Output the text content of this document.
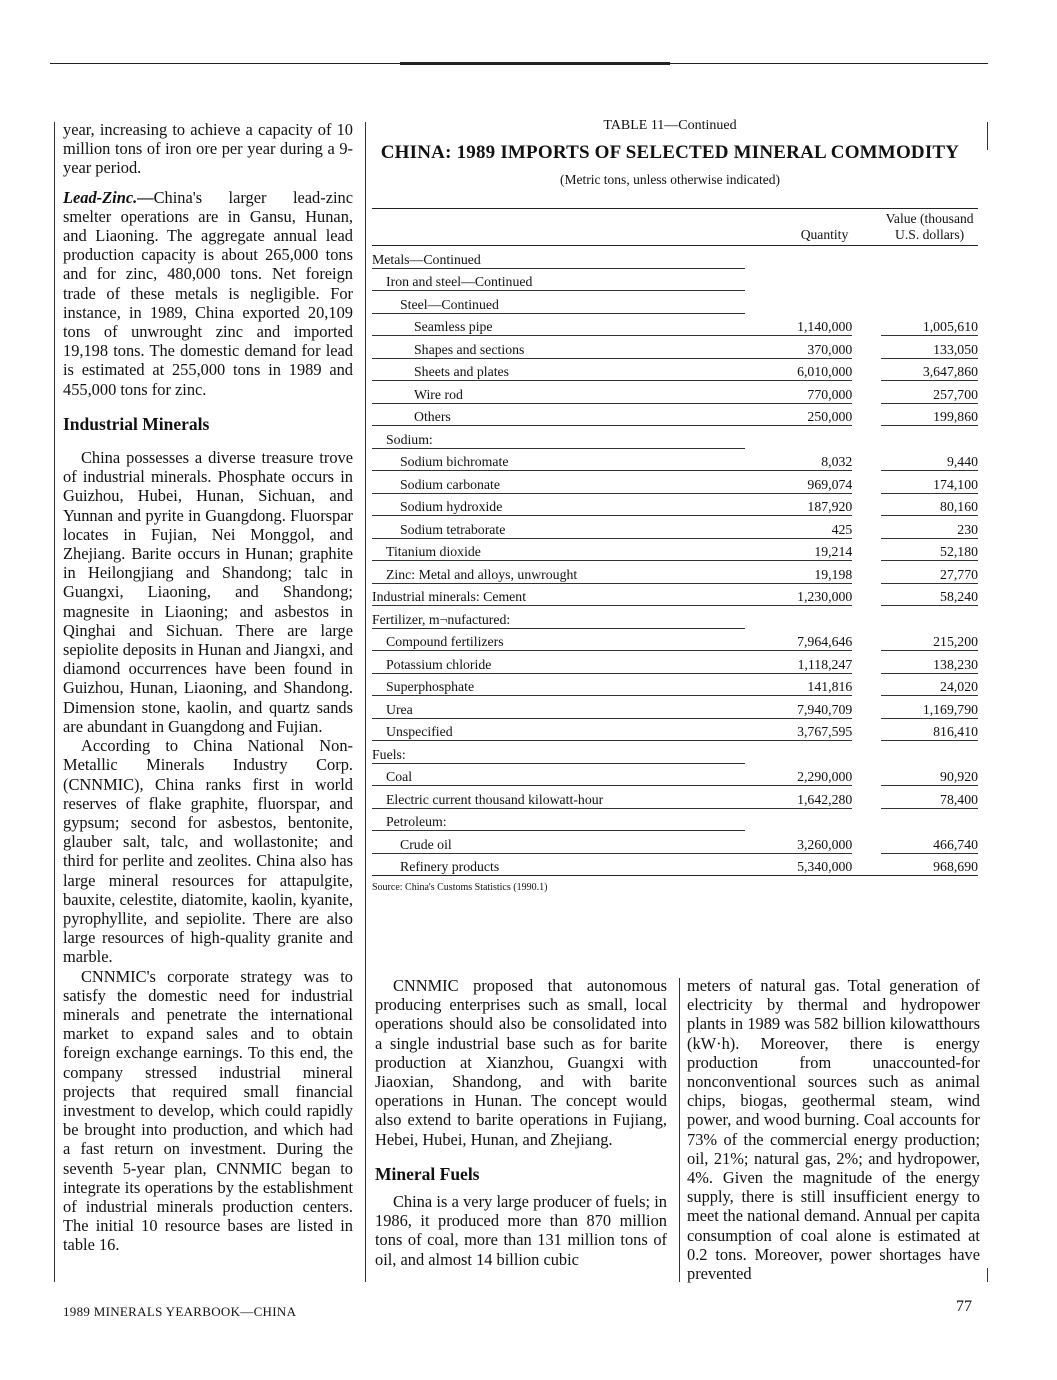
year, increasing to achieve a capacity of 10 million tons of iron ore per year during a 9-year period.

Lead-Zinc.—China's larger lead-zinc smelter operations are in Gansu, Hunan, and Liaoning. The aggregate annual lead production capacity is about 265,000 tons and for zinc, 480,000 tons. Net foreign trade of these metals is negligible. For instance, in 1989, China exported 20,109 tons of unwrought zinc and imported 19,198 tons. The domestic demand for lead is estimated at 255,000 tons in 1989 and 455,000 tons for zinc.

Industrial Minerals

China possesses a diverse treasure trove of industrial minerals. Phosphate occurs in Guizhou, Hubei, Hunan, Sichuan, and Yunnan and pyrite in Guangdong. Fluorspar locates in Fujian, Nei Monggol, and Zhejiang. Barite occurs in Hunan; graphite in Heilongjiang and Shandong; talc in Guangxi, Liaoning, and Shandong; magnesite in Liaoning; and asbestos in Qinghai and Sichuan. There are large sepiolite deposits in Hunan and Jiangxi, and diamond occurrences have been found in Guizhou, Hunan, Liaoning, and Shandong. Dimension stone, kaolin, and quartz sands are abundant in Guangdong and Fujian.

According to China National Non-Metallic Minerals Industry Corp. (CNNMIC), China ranks first in world reserves of flake graphite, fluorspar, and gypsum; second for asbestos, bentonite, glauber salt, talc, and wollastonite; and third for perlite and zeolites. China also has large mineral resources for attapulgite, bauxite, celestite, diatomite, kaolin, kyanite, pyrophyllite, and sepiolite. There are also large resources of high-quality granite and marble.

CNNMIC's corporate strategy was to satisfy the domestic need for industrial minerals and penetrate the international market to expand sales and to obtain foreign exchange earnings. To this end, the company stressed industrial mineral projects that required small financial investment to develop, which could rapidly be brought into production, and which had a fast return on investment. During the seventh 5-year plan, CNNMIC began to integrate its operations by the establishment of industrial minerals production centers. The initial 10 resource bases are listed in table 16.

TABLE 11—Continued
CHINA: 1989 IMPORTS OF SELECTED MINERAL COMMODITY
(Metric tons, unless otherwise indicated)
	Quantity		Value (thousand U.S. dollars)
Metals—Continued			
Iron and steel—Continued			
Steel—Continued			
Seamless pipe	1,140,000		1,005,610
Shapes and sections	370,000		133,050
Sheets and plates	6,010,000		3,647,860
Wire rod	770,000		257,700
Others	250,000		199,860
Sodium:			
Sodium bichromate	8,032		9,440
Sodium carbonate	969,074		174,100
Sodium hydroxide	187,920		80,160
Sodium tetraborate	425		230
Titanium dioxide	19,214		52,180
Zinc: Metal and alloys, unwrought	19,198		27,770
Industrial minerals: Cement	1,230,000		58,240
Fertilizer, m¬nufactured:			
Compound fertilizers	7,964,646		215,200
Potassium chloride	1,118,247		138,230
Superphosphate	141,816		24,020
Urea	7,940,709		1,169,790
Unspecified	3,767,595		816,410
Fuels:			
Coal	2,290,000		90,920
Electric current thousand kilowatt-hour	1,642,280		78,400
Petroleum:			
Crude oil	3,260,000		466,740
Refinery products	5,340,000		968,690
Source: China's Customs Statistics (1990.1)

CNNMIC proposed that autonomous producing enterprises such as small, local operations should also be consolidated into a single industrial base such as for barite production at Xianzhou, Guangxi with Jiaoxian, Shandong, and with barite operations in Hunan. The concept would also extend to barite operations in Fujiang, Hebei, Hubei, Hunan, and Zhejiang.

Mineral Fuels

China is a very large producer of fuels; in 1986, it produced more than 870 million tons of coal, more than 131 million tons of oil, and almost 14 billion cubic

meters of natural gas. Total generation of electricity by thermal and hydropower plants in 1989 was 582 billion kilowatthours (kW·h). Moreover, there is energy production from unaccounted-for nonconventional sources such as animal chips, biogas, geothermal steam, wind power, and wood burning. Coal accounts for 73% of the commercial energy production; oil, 21%; natural gas, 2%; and hydropower, 4%. Given the magnitude of the energy supply, there is still insufficient energy to meet the national demand. Annual per capita consumption of coal alone is estimated at 0.2 tons. Moreover, power shortages have prevented

1989 MINERALS YEARBOOK—CHINA	77
